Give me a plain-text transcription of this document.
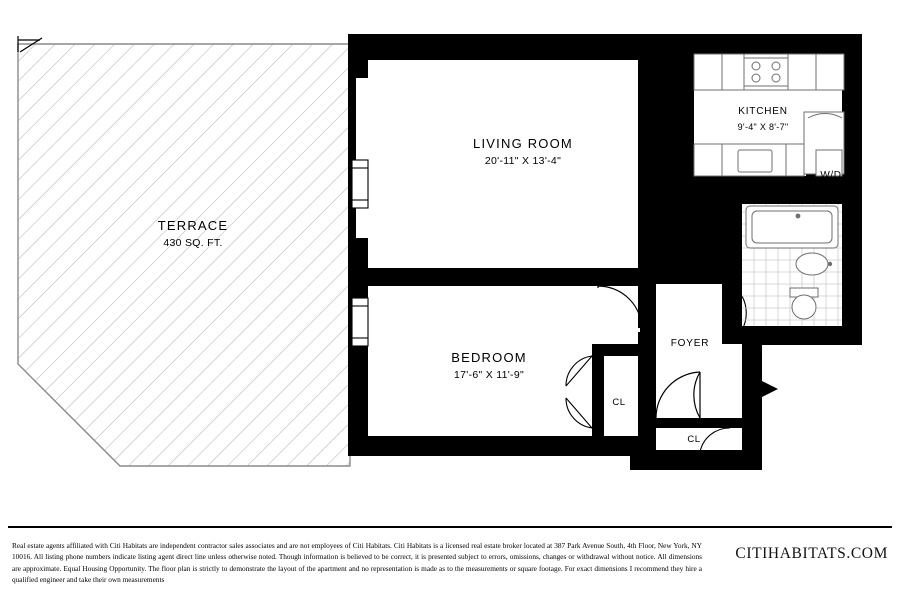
TERRACE
430 SQ. FT.
LIVING ROOM
20'-11" X 13'-4"
KITCHEN
9'-4" X 8'-7"
BEDROOM
17'-6" X 11'-9"
FOYER
W/D
CL
CL
Real estate agents affiliated with Citi Habitats are independent contractor sales associates and are not employees of Citi Habitats. Citi Habitats is a licensed real estate broker located at 387 Park Avenue South, 4th Floor, New York, NY 10016. All listing phone numbers indicate listing agent direct line unless otherwise noted. Though information is believed to be correct, it is presented subject to errors, omissions, changes or withdrawal without notice. All dimensions are approximate. Equal Housing Opportunity. The floor plan is strictly to demonstrate the layout of the apartment and no representation is made as to the measurements or square footage. For exact dimensions I recommend they hire a qualified engineer and take their own measurements
CITIHABITATS.COM
